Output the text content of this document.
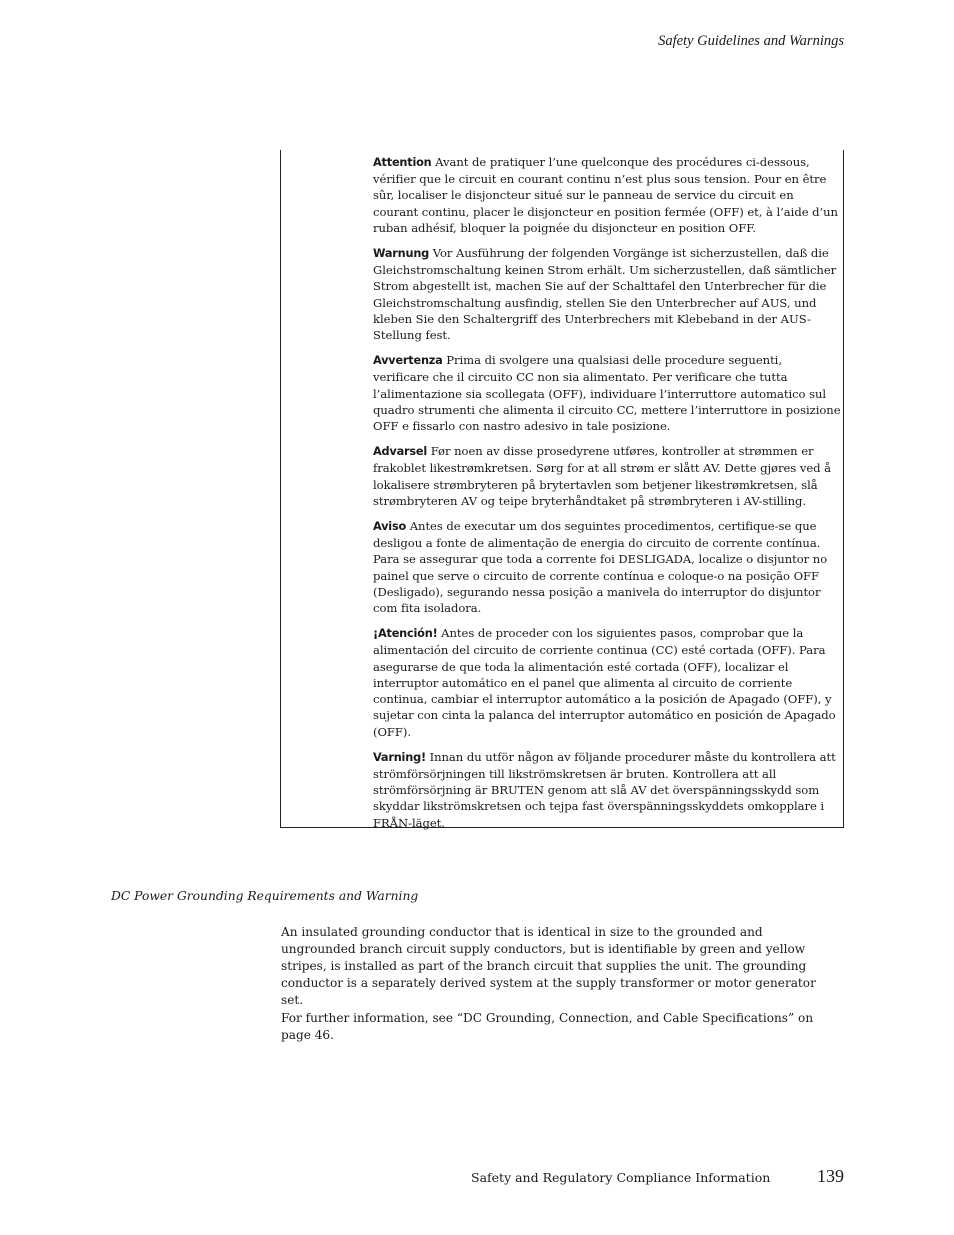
Safety Guidelines and Warnings

Attention Avant de pratiquer l’une quelconque des procédures ci-dessous, vérifier que le circuit en courant continu n’est plus sous tension. Pour en être sûr, localiser le disjoncteur situé sur le panneau de service du circuit en courant continu, placer le disjoncteur en position fermée (OFF) et, à l’aide d’un ruban adhésif, bloquer la poignée du disjoncteur en position OFF.

Warnung Vor Ausführung der folgenden Vorgänge ist sicherzustellen, daß die Gleichstromschaltung keinen Strom erhält. Um sicherzustellen, daß sämtlicher Strom abgestellt ist, machen Sie auf der Schalttafel den Unterbrecher für die Gleichstromschaltung ausfindig, stellen Sie den Unterbrecher auf AUS, und kleben Sie den Schaltergriff des Unterbrechers mit Klebeband in der AUS-Stellung fest.

Avvertenza Prima di svolgere una qualsiasi delle procedure seguenti, verificare che il circuito CC non sia alimentato. Per verificare che tutta l’alimentazione sia scollegata (OFF), individuare l’interruttore automatico sul quadro strumenti che alimenta il circuito CC, mettere l’interruttore in posizione OFF e fissarlo con nastro adesivo in tale posizione.

Advarsel Før noen av disse prosedyrene utføres, kontroller at strømmen er frakoblet likestrømkretsen. Sørg for at all strøm er slått AV. Dette gjøres ved å lokalisere strømbryteren på brytertavlen som betjener likestrømkretsen, slå strømbryteren AV og teipe bryterhåndtaket på strømbryteren i AV-stilling.

Aviso Antes de executar um dos seguintes procedimentos, certifique-se que desligou a fonte de alimentação de energia do circuito de corrente contínua. Para se assegurar que toda a corrente foi DESLIGADA, localize o disjuntor no painel que serve o circuito de corrente contínua e coloque-o na posição OFF (Desligado), segurando nessa posição a manivela do interruptor do disjuntor com fita isoladora.

¡Atención! Antes de proceder con los siguientes pasos, comprobar que la alimentación del circuito de corriente continua (CC) esté cortada (OFF). Para asegurarse de que toda la alimentación esté cortada (OFF), localizar el interruptor automático en el panel que alimenta al circuito de corriente continua, cambiar el interruptor automático a la posición de Apagado (OFF), y sujetar con cinta la palanca del interruptor automático en posición de Apagado (OFF).

Varning! Innan du utför någon av följande procedurer måste du kontrollera att strömförsörjningen till likströmskretsen är bruten. Kontrollera att all strömförsörjning är BRUTEN genom att slå AV det överspänningsskydd som skyddar likströmskretsen och tejpa fast överspänningsskyddets omkopplare i FRÅN-läget.

DC Power Grounding Requirements and Warning

An insulated grounding conductor that is identical in size to the grounded and ungrounded branch circuit supply conductors, but is identifiable by green and yellow stripes, is installed as part of the branch circuit that supplies the unit. The grounding conductor is a separately derived system at the supply transformer or motor generator set.

For further information, see “DC Grounding, Connection, and Cable Specifications” on page 46.

Safety and Regulatory Compliance Information	139
